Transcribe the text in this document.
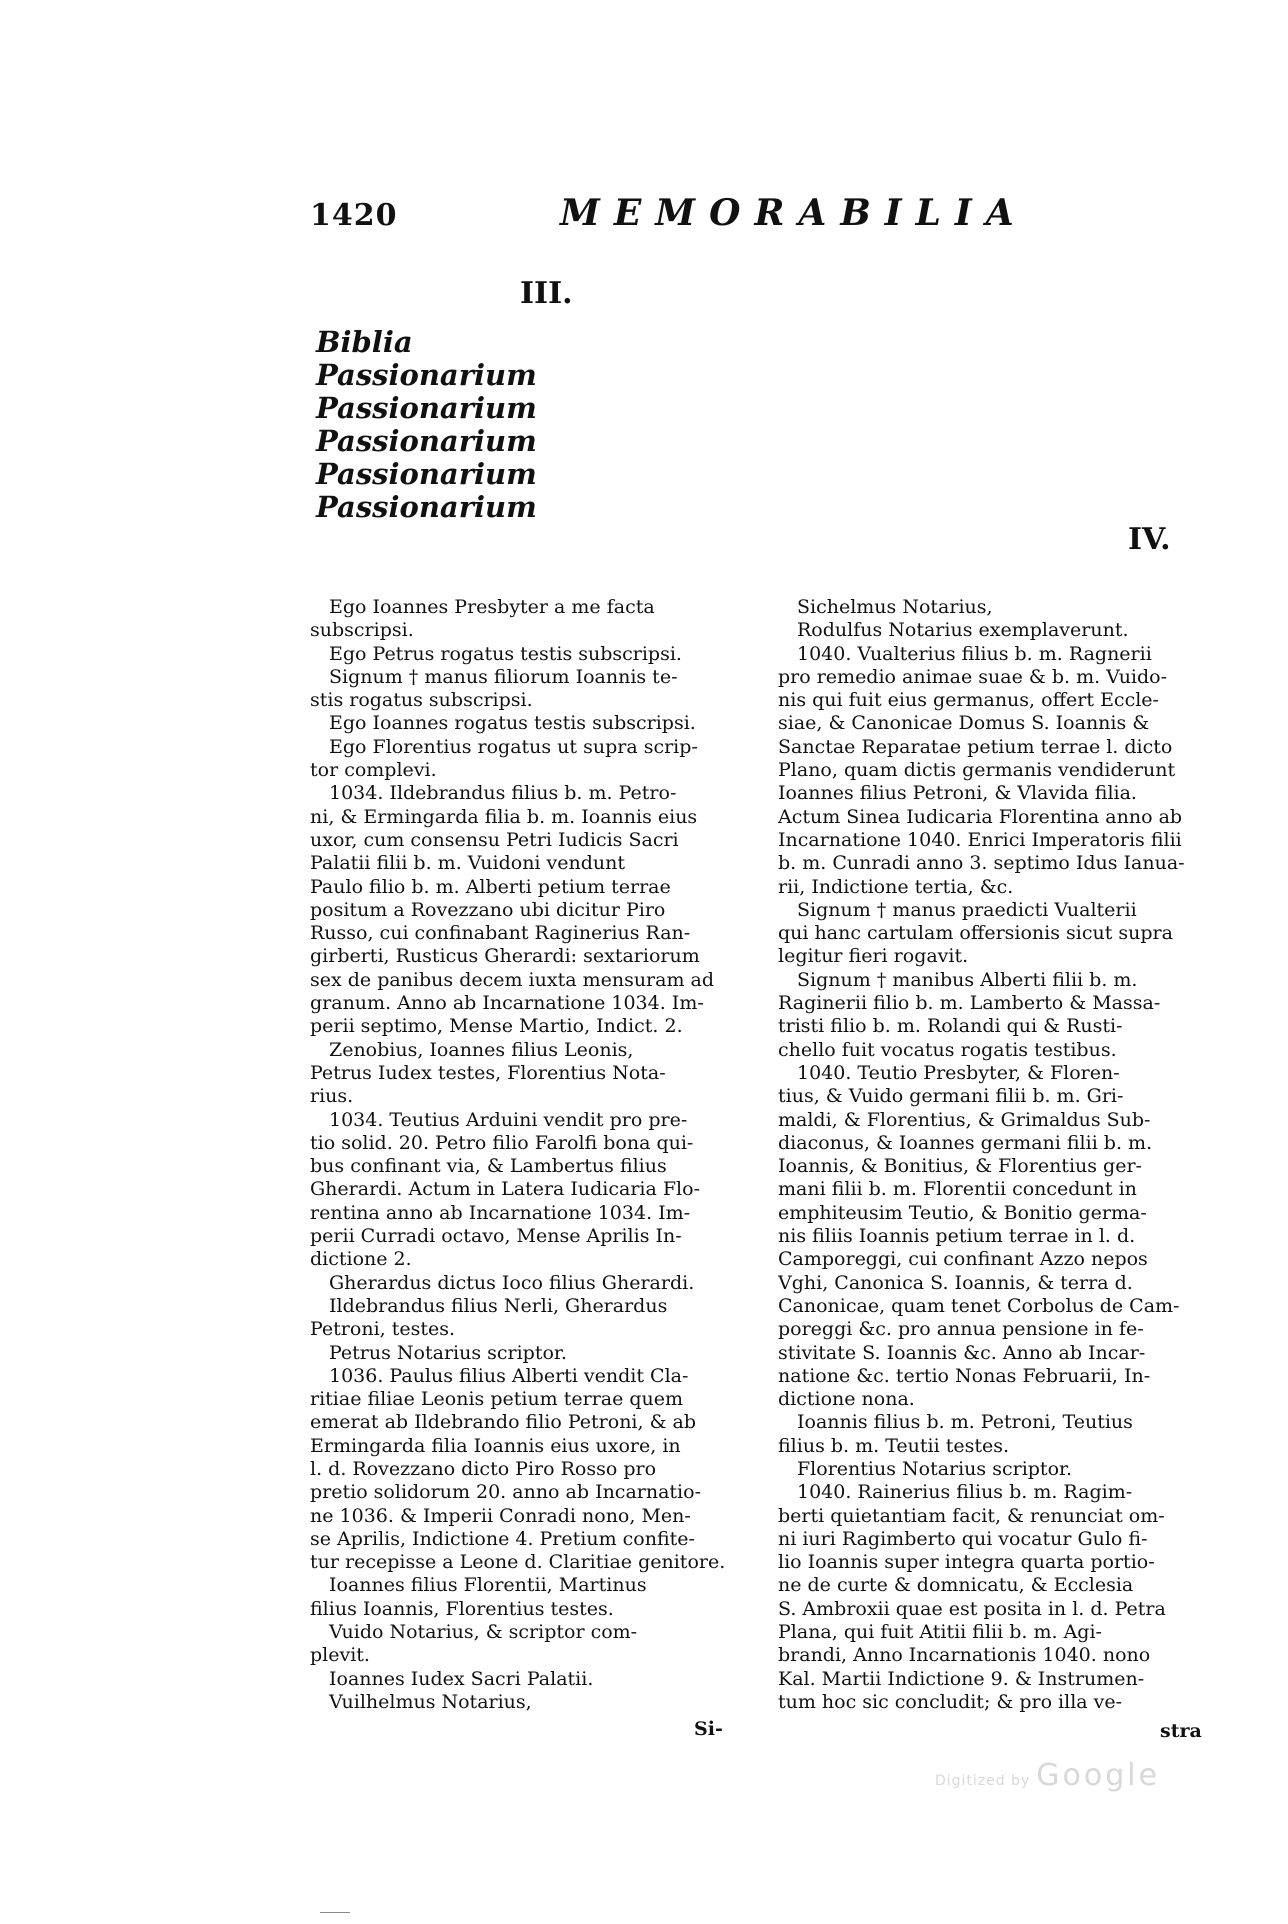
1420	MEMORABILIA
III.
Biblia
Passionarium
Passionarium
Passionarium
Passionarium
Passionarium
IV.
 Ego Ioannes Presbyter a me facta
subscripsi.
 Ego Petrus rogatus testis subscripsi.
 Signum † manus filiorum Ioannis te-
stis rogatus subscripsi.
 Ego Ioannes rogatus testis subscripsi.
 Ego Florentius rogatus ut supra scrip-
tor complevi.
 1034. Ildebrandus filius b. m. Petro-
ni, & Ermingarda filia b. m. Ioannis eius
uxor, cum consensu Petri Iudicis Sacri
Palatii filii b. m. Vuidoni vendunt
Paulo filio b. m. Alberti petium terrae
positum a Rovezzano ubi dicitur Piro
Russo, cui confinabant Raginerius Ran-
girberti, Rusticus Gherardi: sextariorum
sex de panibus decem iuxta mensuram ad
granum. Anno ab Incarnatione 1034. Im-
perii septimo, Mense Martio, Indict. 2.
 Zenobius, Ioannes filius Leonis,
Petrus Iudex testes, Florentius Nota-
rius.
 1034. Teutius Arduini vendit pro pre-
tio solid. 20. Petro filio Farolfi bona qui-
bus confinant via, & Lambertus filius
Gherardi. Actum in Latera Iudicaria Flo-
rentina anno ab Incarnatione 1034. Im-
perii Curradi octavo, Mense Aprilis In-
dictione 2.
 Gherardus dictus Ioco filius Gherardi.
 Ildebrandus filius Nerli, Gherardus
Petroni, testes.
 Petrus Notarius scriptor.
 1036. Paulus filius Alberti vendit Cla-
ritiae filiae Leonis petium terrae quem
emerat ab Ildebrando filio Petroni, & ab
Ermingarda filia Ioannis eius uxore, in
l. d. Rovezzano dicto Piro Rosso pro
pretio solidorum 20. anno ab Incarnatio-
ne 1036. & Imperii Conradi nono, Men-
se Aprilis, Indictione 4. Pretium confite-
tur recepisse a Leone d. Claritiae genitore.
 Ioannes filius Florentii, Martinus
filius Ioannis, Florentius testes.
 Vuido Notarius, & scriptor com-
plevit.
 Ioannes Iudex Sacri Palatii.
 Vuilhelmus Notarius,
 Sichelmus Notarius,
 Rodulfus Notarius exemplaverunt.
 1040. Vualterius filius b. m. Ragnerii
pro remedio animae suae & b. m. Vuido-
nis qui fuit eius germanus, offert Eccle-
siae, & Canonicae Domus S. Ioannis &
Sanctae Reparatae petium terrae l. dicto
Plano, quam dictis germanis vendiderunt
Ioannes filius Petroni, & Vlavida filia.
Actum Sinea Iudicaria Florentina anno ab
Incarnatione 1040. Enrici Imperatoris filii
b. m. Cunradi anno 3. septimo Idus Ianua-
rii, Indictione tertia, &c.
 Signum † manus praedicti Vualterii
qui hanc cartulam offersionis sicut supra
legitur fieri rogavit.
 Signum † manibus Alberti filii b. m.
Raginerii filio b. m. Lamberto & Massa-
tristi filio b. m. Rolandi qui & Rusti-
chello fuit vocatus rogatis testibus.
 1040. Teutio Presbyter, & Floren-
tius, & Vuido germani filii b. m. Gri-
maldi, & Florentius, & Grimaldus Sub-
diaconus, & Ioannes germani filii b. m.
Ioannis, & Bonitius, & Florentius ger-
mani filii b. m. Florentii concedunt in
emphiteusim Teutio, & Bonitio germa-
nis filiis Ioannis petium terrae in l. d.
Camporeggi, cui confinant Azzo nepos
Vghi, Canonica S. Ioannis, & terra d.
Canonicae, quam tenet Corbolus de Cam-
poreggi &c. pro annua pensione in fe-
stivitate S. Ioannis &c. Anno ab Incar-
natione &c. tertio Nonas Februarii, In-
dictione nona.
 Ioannis filius b. m. Petroni, Teutius
filius b. m. Teutii testes.
 Florentius Notarius scriptor.
 1040. Rainerius filius b. m. Ragim-
berti quietantiam facit, & renunciat om-
ni iuri Ragimberto qui vocatur Gulo fi-
lio Ioannis super integra quarta portio-
ne de curte & domnicatu, & Ecclesia
S. Ambroxii quae est posita in l. d. Petra
Plana, qui fuit Atitii filii b. m. Agi-
brandi, Anno Incarnationis 1040. nono
Kal. Martii Indictione 9. & Instrumen-
tum hoc sic concludit; & pro illa ve-
Si-	stra
Digitized by Google
